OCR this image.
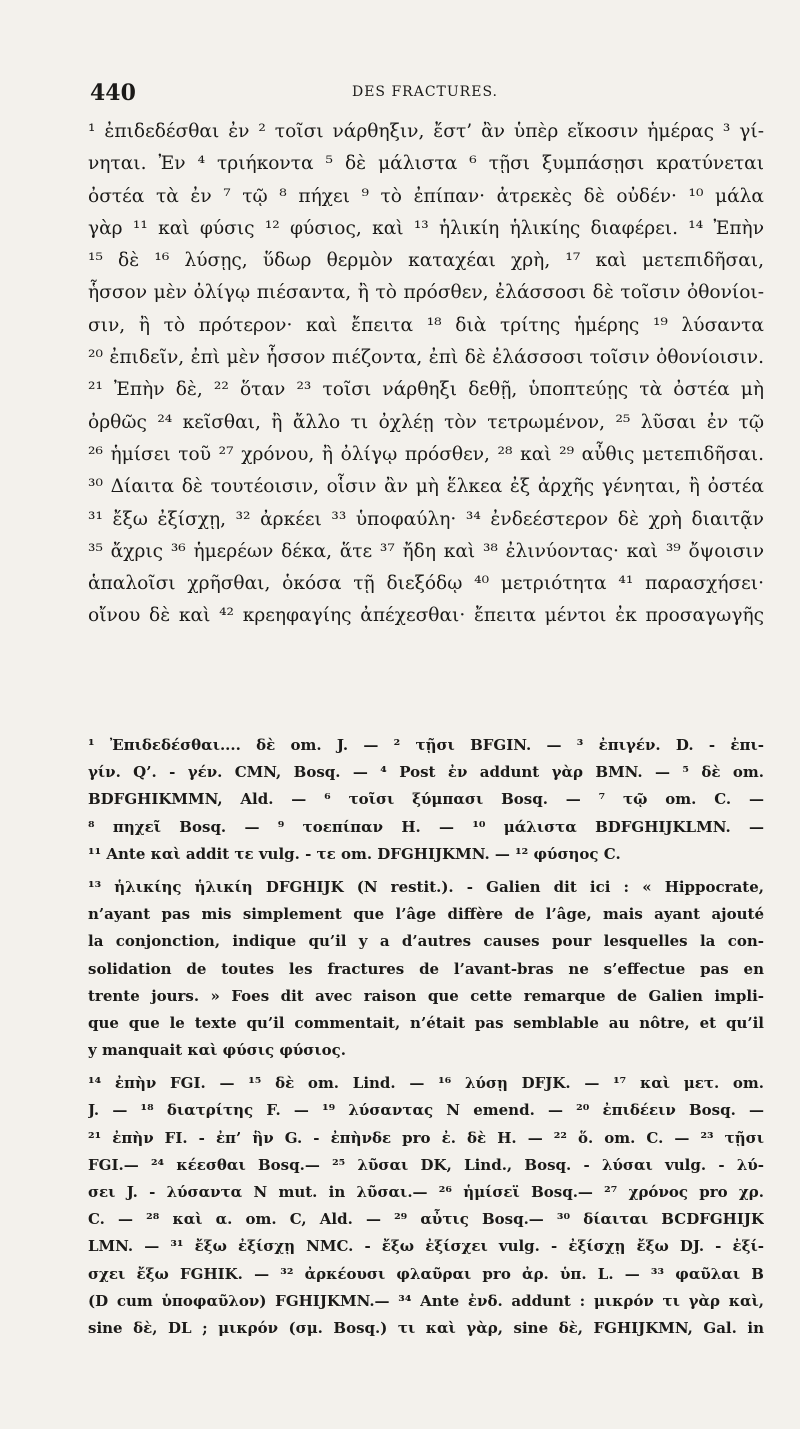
440	DES FRACTURES.
¹ ἐπιδεδέσθαι ἐν ² τοῖσι νάρθηξιν, ἔστ’ ἂν ὑπὲρ εἴκοσιν ἡμέρας ³ γί-
νηται. Ἐν ⁴ τριήκοντα ⁵ δὲ μάλιστα ⁶ τῇσι ξυμπάσῃσι κρατύνεται
ὀστέα τὰ ἐν ⁷ τῷ ⁸ πήχει ⁹ τὸ ἐπίπαν· ἀτρεκὲς δὲ οὐδέν· ¹⁰ μάλα
γὰρ ¹¹ καὶ φύσις ¹² φύσιος, καὶ ¹³ ἡλικίη ἡλικίης διαφέρει. ¹⁴ Ἐπὴν
¹⁵ δὲ ¹⁶ λύσῃς, ὕδωρ θερμὸν καταχέαι χρὴ, ¹⁷ καὶ μετεπιδῆσαι,
ἧσσον μὲν ὀλίγῳ πιέσαντα, ἢ τὸ πρόσθεν, ἐλάσσοσι δὲ τοῖσιν ὀθονίοι-
σιν, ἢ τὸ πρότερον· καὶ ἔπειτα ¹⁸ διὰ τρίτης ἡμέρης ¹⁹ λύσαντα
²⁰ ἐπιδεῖν, ἐπὶ μὲν ἧσσον πιέζοντα, ἐπὶ δὲ ἐλάσσοσι τοῖσιν ὀθονίοισιν.
²¹ Ἐπὴν δὲ, ²² ὅταν ²³ τοῖσι νάρθηξι δεθῇ, ὑποπτεύῃς τὰ ὀστέα μὴ
ὀρθῶς ²⁴ κεῖσθαι, ἢ ἄλλο τι ὀχλέῃ τὸν τετρωμένον, ²⁵ λῦσαι ἐν τῷ
²⁶ ἡμίσει τοῦ ²⁷ χρόνου, ἢ ὀλίγῳ πρόσθεν, ²⁸ καὶ ²⁹ αὖθις μετεπιδῆσαι.
³⁰ Δίαιτα δὲ τουτέοισιν, οἷσιν ἂν μὴ ἕλκεα ἐξ ἀρχῆς γένηται, ἢ ὀστέα
³¹ ἔξω ἐξίσχῃ, ³² ἀρκέει ³³ ὑποφαύλη· ³⁴ ἐνδεέστερον δὲ χρὴ διαιτᾷν
³⁵ ἄχρις ³⁶ ἡμερέων δέκα, ἅτε ³⁷ ἤδη καὶ ³⁸ ἐλινύοντας· καὶ ³⁹ ὄψοισιν
ἁπαλοῖσι χρῆσθαι, ὁκόσα τῇ διεξόδῳ ⁴⁰ μετριότητα ⁴¹ παρασχήσει·
οἴνου δὲ καὶ ⁴² κρεηφαγίης ἀπέχεσθαι· ἔπειτα μέντοι ἐκ προσαγωγῆς
¹ Ἐπιδεδέσθαι.... δὲ om. J. — ² τῇσι BFGIN. — ³ ἐπιγέν. D. - ἐπι-
γίν. Q’. - γέν. CMN, Bosq. — ⁴ Post ἐν addunt γὰρ BMN. — ⁵ δὲ om.
BDFGHIKMMN, Ald. — ⁶ τοῖσι ξύμπασι Bosq. — ⁷ τῷ om. C. —
⁸ πηχεῖ Bosq. — ⁹ τοεπίπαν H. — ¹⁰ μάλιστα BDFGHIJKLMN. —
¹¹ Ante καὶ addit τε vulg. - τε om. DFGHIJKMN. — ¹² φύσηος C.
¹³ ἡλικίης ἡλικίη DFGHIJK (N restit.). - Galien dit ici : « Hippocrate,
n’ayant pas mis simplement que l’âge diffère de l’âge, mais ayant ajouté
la conjonction, indique qu’il y a d’autres causes pour lesquelles la con-
solidation de toutes les fractures de l’avant-bras ne s’effectue pas en
trente jours. » Foes dit avec raison que cette remarque de Galien impli-
que que le texte qu’il commentait, n’était pas semblable au nôtre, et qu’il
y manquait καὶ φύσις φύσιος.
¹⁴ ἐπὴν FGI. — ¹⁵ δὲ om. Lind. — ¹⁶ λύσῃ DFJK. — ¹⁷ καὶ μετ. om.
J. — ¹⁸ διατρίτης F. — ¹⁹ λύσαντας N emend. — ²⁰ ἐπιδέειν Bosq. —
²¹ ἐπὴν FI. - ἐπ’ ἣν G. - ἐπὴνδε pro ἐ. δὲ H. — ²² ὅ. om. C. — ²³ τῇσι
FGI.— ²⁴ κέεσθαι Bosq.— ²⁵ λῦσαι DK, Lind., Bosq. - λύσαι vulg. - λύ-
σει J. - λύσαντα N mut. in λῦσαι.— ²⁶ ἡμίσεϊ Bosq.— ²⁷ χρόνος pro χρ.
C. — ²⁸ καὶ α. om. C, Ald. — ²⁹ αὖτις Bosq.— ³⁰ δίαιται BCDFGHIJK
LMN. — ³¹ ἔξω ἐξίσχῃ NMC. - ἔξω ἐξίσχει vulg. - ἐξίσχῃ ἔξω DJ. - ἐξί-
σχει ἔξω FGHIK. — ³² ἀρκέουσι φλαῦραι pro ἀρ. ὑπ. L. — ³³ φαῦλαι B
(D cum ὑποφαῦλον) FGHIJKMN.— ³⁴ Ante ἐνδ. addunt : μικρόν τι γὰρ καὶ,
sine δὲ, DL ; μικρόν (σμ. Bosq.) τι καὶ γὰρ, sine δὲ, FGHIJKMN, Gal. in
